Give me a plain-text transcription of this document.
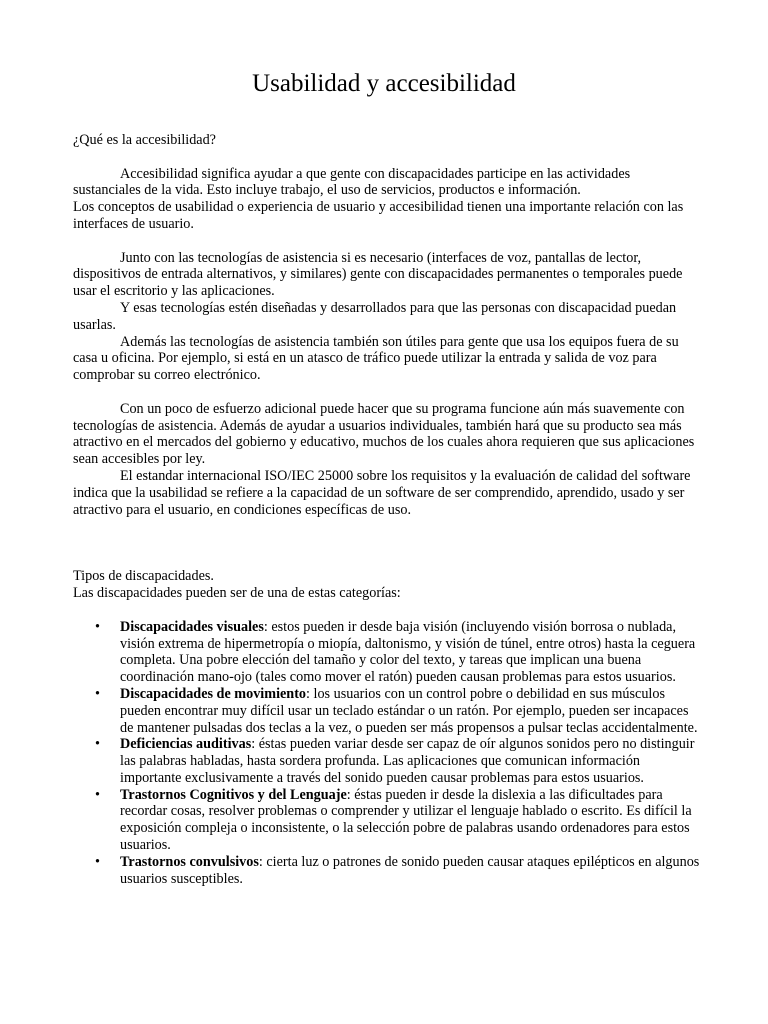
Usabilidad y accesibilidad

¿Qué es la accesibilidad?

Accesibilidad significa ayudar a que gente con discapacidades participe en las actividades sustanciales de la vida. Esto incluye trabajo, el uso de servicios, productos e información.

Los conceptos de usabilidad o experiencia de usuario y accesibilidad tienen una importante relación con las interfaces de usuario.

Junto con las tecnologías de asistencia si es necesario (interfaces de voz, pantallas de lector, dispositivos de entrada alternativos, y similares) gente con discapacidades permanentes o temporales puede usar el escritorio y las aplicaciones.

Y esas tecnologías estén diseñadas y desarrollados para que las personas con discapacidad puedan usarlas.

Además las tecnologías de asistencia también son útiles para gente que usa los equipos fuera de su casa u oficina. Por ejemplo, si está en un atasco de tráfico puede utilizar la entrada y salida de voz para comprobar su correo electrónico.

Con un poco de esfuerzo adicional puede hacer que su programa funcione aún más suavemente con tecnologías de asistencia. Además de ayudar a usuarios individuales, también hará que su producto sea más atractivo en el mercados del gobierno y educativo, muchos de los cuales ahora requieren que sus aplicaciones sean accesibles por ley.

El estandar internacional ISO/IEC 25000 sobre los requisitos y la evaluación de calidad del software indica que la usabilidad se refiere a la capacidad de un software de ser comprendido, aprendido, usado y ser atractivo para el usuario, en condiciones específicas de uso.

Tipos de discapacidades.

Las discapacidades pueden ser de una de estas categorías:

• Discapacidades visuales: estos pueden ir desde baja visión (incluyendo visión borrosa o nublada, visión extrema de hipermetropía o miopía, daltonismo, y visión de túnel, entre otros) hasta la ceguera completa. Una pobre elección del tamaño y color del texto, y tareas que implican una buena coordinación mano-ojo (tales como mover el ratón) pueden causan problemas para estos usuarios.
• Discapacidades de movimiento: los usuarios con un control pobre o debilidad en sus músculos pueden encontrar muy difícil usar un teclado estándar o un ratón. Por ejemplo, pueden ser incapaces de mantener pulsadas dos teclas a la vez, o pueden ser más propensos a pulsar teclas accidentalmente.
• Deficiencias auditivas: éstas pueden variar desde ser capaz de oír algunos sonidos pero no distinguir las palabras habladas, hasta sordera profunda. Las aplicaciones que comunican información importante exclusivamente a través del sonido pueden causar problemas para estos usuarios.
• Trastornos Cognitivos y del Lenguaje: éstas pueden ir desde la dislexia a las dificultades para recordar cosas, resolver problemas o comprender y utilizar el lenguaje hablado o escrito. Es difícil la exposición compleja o inconsistente, o la selección pobre de palabras usando ordenadores para estos usuarios.
• Trastornos convulsivos: cierta luz o patrones de sonido pueden causar ataques epilépticos en algunos usuarios susceptibles.
